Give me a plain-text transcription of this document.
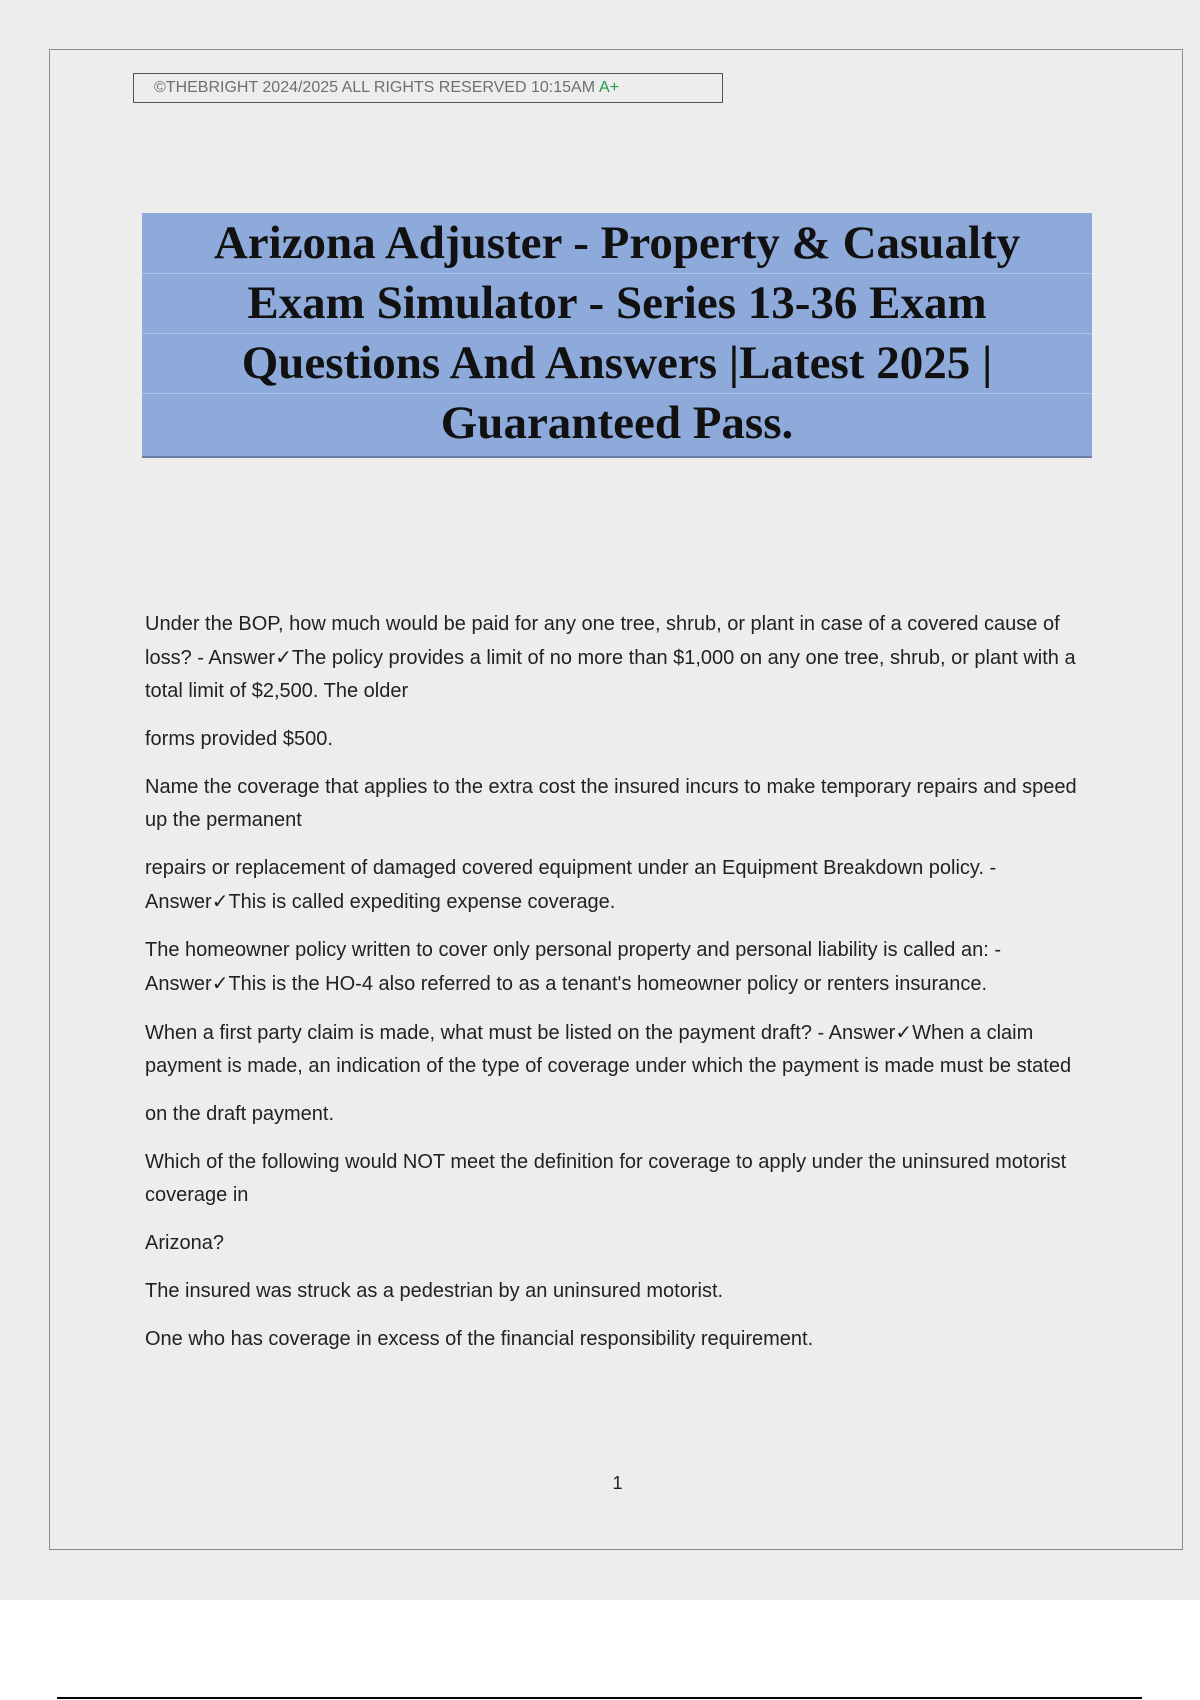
©THEBRIGHT 2024/2025 ALL RIGHTS RESERVED 10:15AM A+
Arizona Adjuster - Property & Casualty
Exam Simulator - Series 13-36 Exam
Questions And Answers |Latest 2025 |
Guaranteed Pass.

Under the BOP, how much would be paid for any one tree, shrub, or plant in case of a covered cause of loss? - Answer✓The policy provides a limit of no more than $1,000 on any one tree, shrub, or plant with a total limit of $2,500. The older

forms provided $500.

Name the coverage that applies to the extra cost the insured incurs to make temporary repairs and speed up the permanent

repairs or replacement of damaged covered equipment under an Equipment Breakdown policy. - Answer✓This is called expediting expense coverage.

The homeowner policy written to cover only personal property and personal liability is called an: - Answer✓This is the HO-4 also referred to as a tenant's homeowner policy or renters insurance.

When a first party claim is made, what must be listed on the payment draft? - Answer✓When a claim payment is made, an indication of the type of coverage under which the payment is made must be stated

on the draft payment.

Which of the following would NOT meet the definition for coverage to apply under the uninsured motorist coverage in

Arizona?

The insured was struck as a pedestrian by an uninsured motorist.

One who has coverage in excess of the financial responsibility requirement.

1
